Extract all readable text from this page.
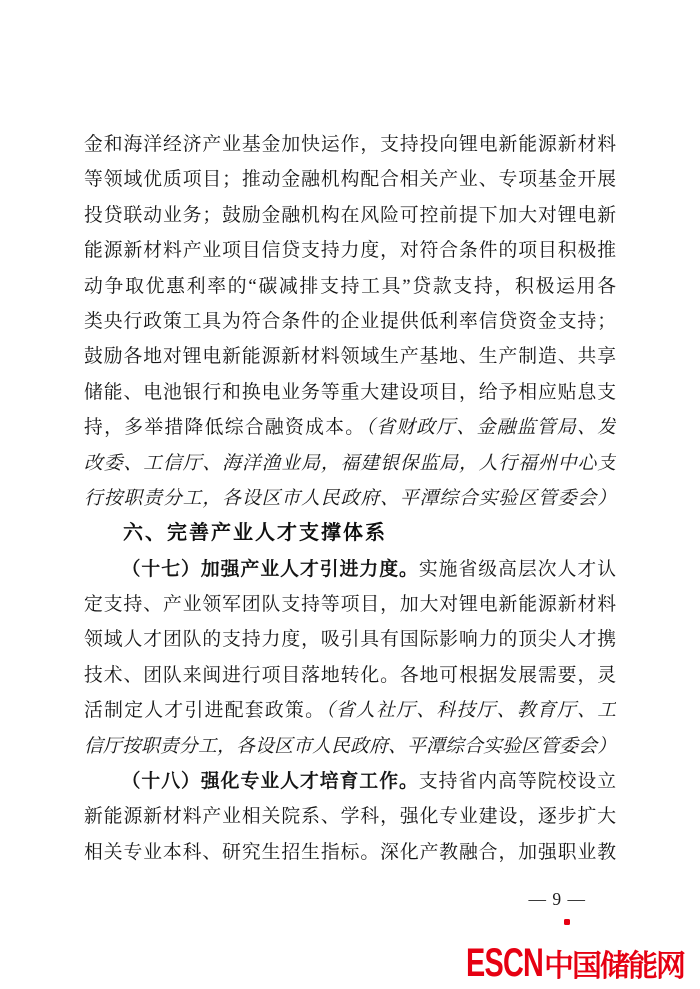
金和海洋经济产业基金加快运作，支持投向锂电新能源新材料
等领域优质项目；推动金融机构配合相关产业、专项基金开展
投贷联动业务；鼓励金融机构在风险可控前提下加大对锂电新
能源新材料产业项目信贷支持力度，对符合条件的项目积极推
动争取优惠利率的“碳减排支持工具”贷款支持，积极运用各
类央行政策工具为符合条件的企业提供低利率信贷资金支持；
鼓励各地对锂电新能源新材料领域生产基地、生产制造、共享
储能、电池银行和换电业务等重大建设项目，给予相应贴息支
持，多举措降低综合融资成本。（省财政厅、金融监管局、发
改委、工信厅、海洋渔业局，福建银保监局，人行福州中心支
行按职责分工，各设区市人民政府、平潭综合实验区管委会）
六、完善产业人才支撑体系
（十七）加强产业人才引进力度。实施省级高层次人才认
定支持、产业领军团队支持等项目，加大对锂电新能源新材料
领域人才团队的支持力度，吸引具有国际影响力的顶尖人才携
技术、团队来闽进行项目落地转化。各地可根据发展需要，灵
活制定人才引进配套政策。（省人社厅、科技厅、教育厅、工
信厅按职责分工，各设区市人民政府、平潭综合实验区管委会）
（十八）强化专业人才培育工作。支持省内高等院校设立
新能源新材料产业相关院系、学科，强化专业建设，逐步扩大
相关专业本科、研究生招生指标。深化产教融合，加强职业教
— 9 —
ESCN 中国储能网
